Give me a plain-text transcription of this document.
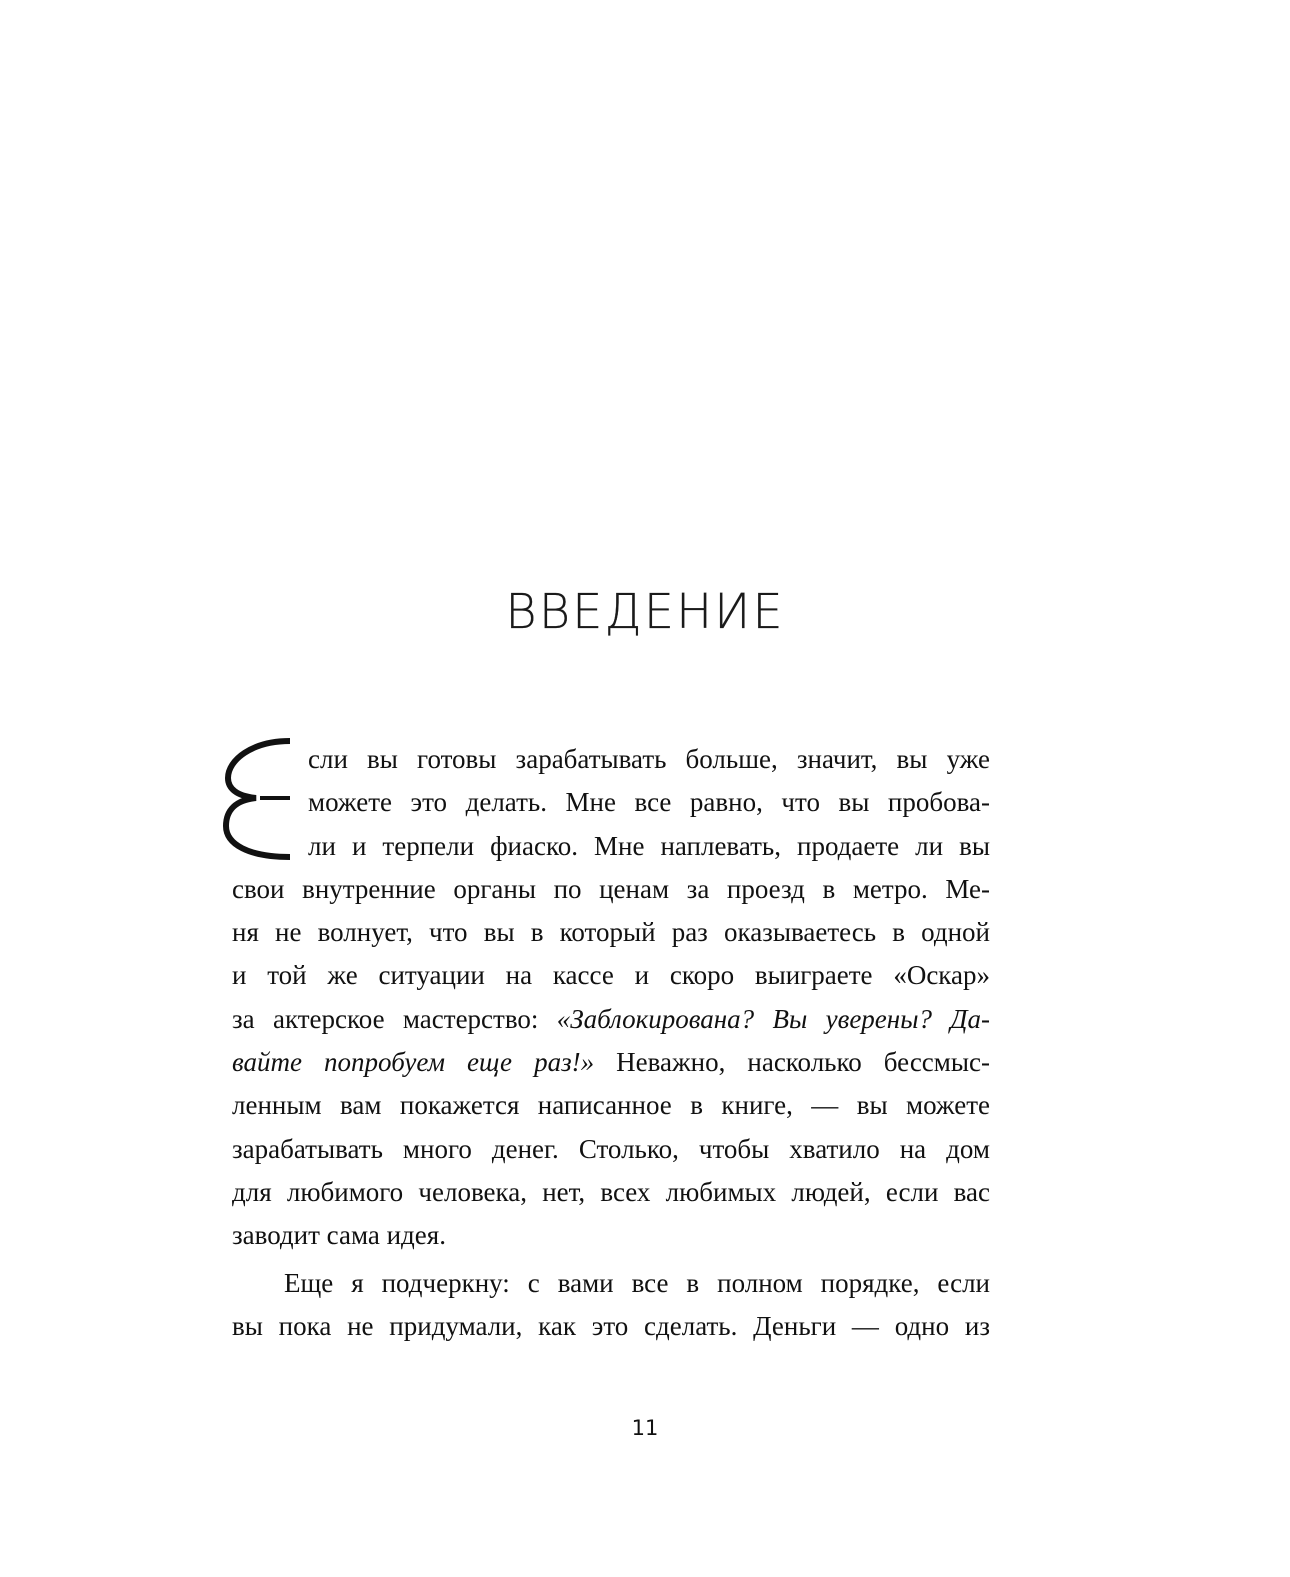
ВВЕДЕНИЕ
сли вы готовы зарабатывать больше, значит, вы уже
можете это делать. Мне все равно, что вы пробова-
ли и терпели фиаско. Мне наплевать, продаете ли вы
свои внутренние органы по ценам за проезд в метро. Ме-
ня не волнует, что вы в который раз оказываетесь в одной
и той же ситуации на кассе и скоро выиграете «Оскар»
за актерское мастерство: «Заблокирована? Вы уверены? Да-
вайте попробуем еще раз!» Неважно, насколько бессмыс-
ленным вам покажется написанное в книге, — вы можете
зарабатывать много денег. Столько, чтобы хватило на дом
для любимого человека, нет, всех любимых людей, если вас
заводит сама идея.
Еще я подчеркну: с вами все в полном порядке, если
вы пока не придумали, как это сделать. Деньги — одно из
11
